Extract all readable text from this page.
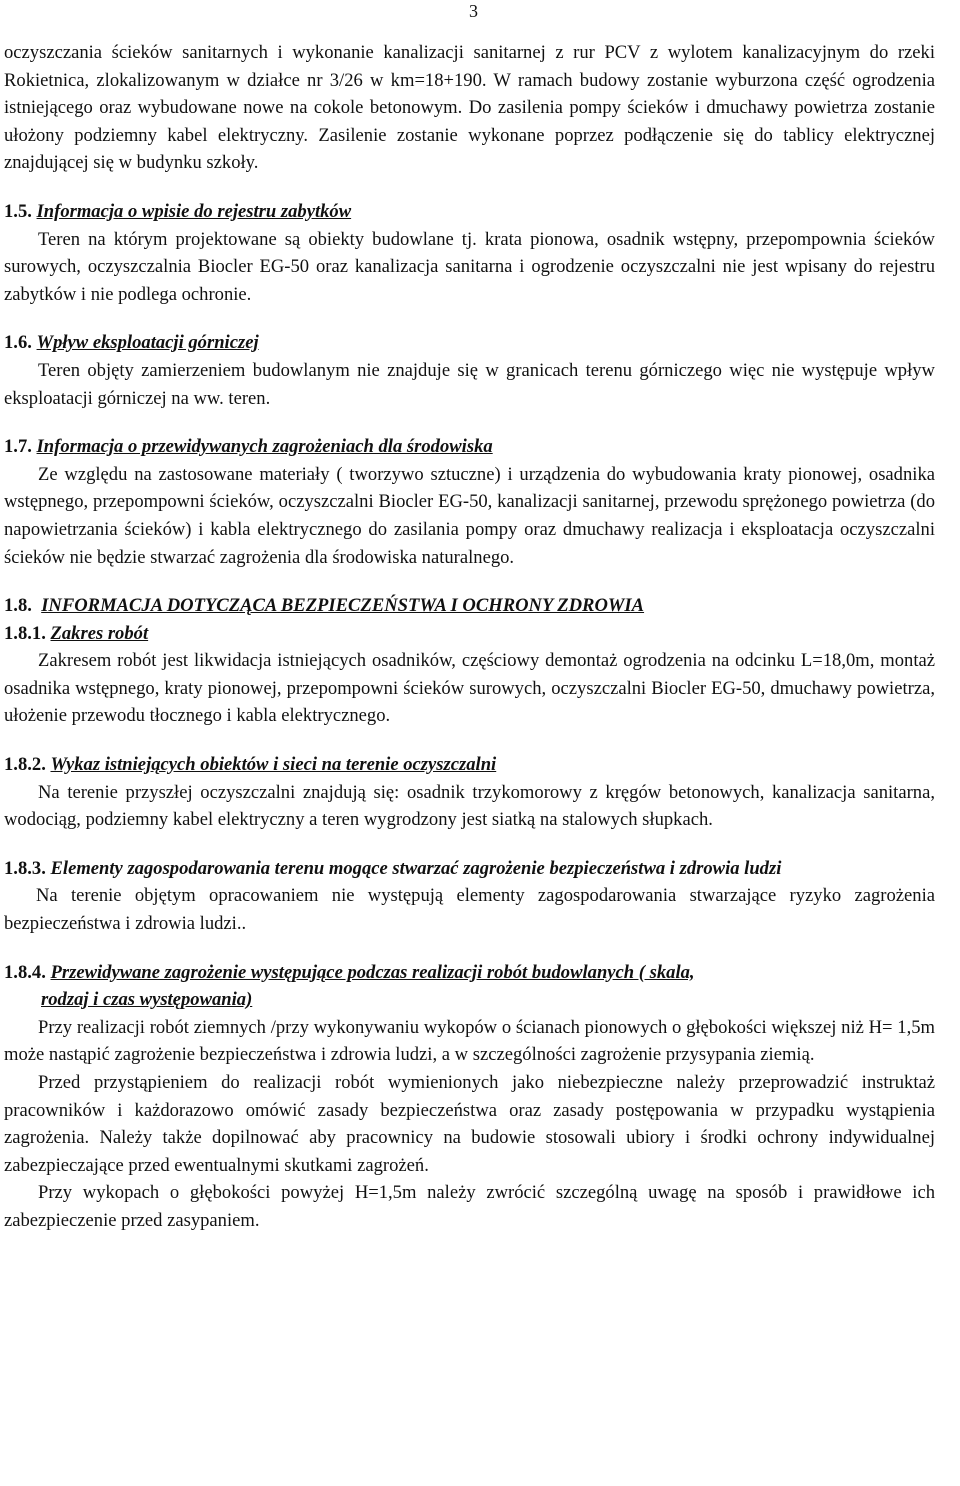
3

oczyszczania ścieków sanitarnych i wykonanie kanalizacji sanitarnej z rur PCV z wylotem kanalizacyjnym do rzeki Rokietnica, zlokalizowanym w działce nr 3/26 w km=18+190. W ramach budowy zostanie wyburzona część ogrodzenia istniejącego oraz wybudowane nowe na cokole betonowym. Do zasilenia pompy ścieków i dmuchawy powietrza zostanie ułożony podziemny kabel elektryczny. Zasilenie zostanie wykonane poprzez podłączenie się do tablicy elektrycznej znajdującej się w budynku szkoły.

1.5. Informacja o wpisie do rejestru zabytków

Teren na którym projektowane są obiekty budowlane tj. krata pionowa, osadnik wstępny, przepompownia ścieków surowych, oczyszczalnia Biocler EG-50 oraz kanalizacja sanitarna i ogrodzenie oczyszczalni nie jest wpisany do rejestru zabytków i nie podlega ochronie.

1.6. Wpływ eksploatacji górniczej

Teren objęty zamierzeniem budowlanym nie znajduje się w granicach terenu górniczego więc nie występuje wpływ eksploatacji górniczej na ww. teren.

1.7. Informacja o przewidywanych zagrożeniach dla środowiska

Ze względu na zastosowane materiały ( tworzywo sztuczne) i urządzenia do wybudowania kraty pionowej, osadnika wstępnego, przepompowni ścieków, oczyszczalni Biocler EG-50, kanalizacji sanitarnej, przewodu sprężonego powietrza (do napowietrzania ścieków) i kabla elektrycznego do zasilania pompy oraz dmuchawy realizacja i eksploatacja oczyszczalni ścieków nie będzie stwarzać zagrożenia dla środowiska naturalnego.

1.8. INFORMACJA DOTYCZĄCA BEZPIECZEŃSTWA I OCHRONY ZDROWIA

1.8.1. Zakres robót

Zakresem robót jest likwidacja istniejących osadników, częściowy demontaż ogrodzenia na odcinku L=18,0m, montaż osadnika wstępnego, kraty pionowej, przepompowni ścieków surowych, oczyszczalni Biocler EG-50, dmuchawy powietrza, ułożenie przewodu tłocznego i kabla elektrycznego.

1.8.2. Wykaz istniejących obiektów i sieci na terenie oczyszczalni

Na terenie przyszłej oczyszczalni znajdują się: osadnik trzykomorowy z kręgów betonowych, kanalizacja sanitarna, wodociąg, podziemny kabel elektryczny a teren wygrodzony jest siatką na stalowych słupkach.

1.8.3. Elementy zagospodarowania terenu mogące stwarzać zagrożenie bezpieczeństwa i zdrowia ludzi

Na terenie objętym opracowaniem nie występują elementy zagospodarowania stwarzające ryzyko zagrożenia bezpieczeństwa i zdrowia ludzi..

1.8.4. Przewidywane zagrożenie występujące podczas realizacji robót budowlanych ( skala,

rodzaj i czas występowania)

Przy realizacji robót ziemnych /przy wykonywaniu wykopów o ścianach pionowych o głębokości większej niż H= 1,5m może nastąpić zagrożenie bezpieczeństwa i zdrowia ludzi, a w szczególności zagrożenie przysypania ziemią.

Przed przystąpieniem do realizacji robót wymienionych jako niebezpieczne należy przeprowadzić instruktaż pracowników i każdorazowo omówić zasady bezpieczeństwa oraz zasady postępowania w przypadku wystąpienia zagrożenia. Należy także dopilnować aby pracownicy na budowie stosowali ubiory i środki ochrony indywidualnej zabezpieczające przed ewentualnymi skutkami zagrożeń.

Przy wykopach o głębokości powyżej H=1,5m należy zwrócić szczególną uwagę na sposób i prawidłowe ich zabezpieczenie przed zasypaniem.
